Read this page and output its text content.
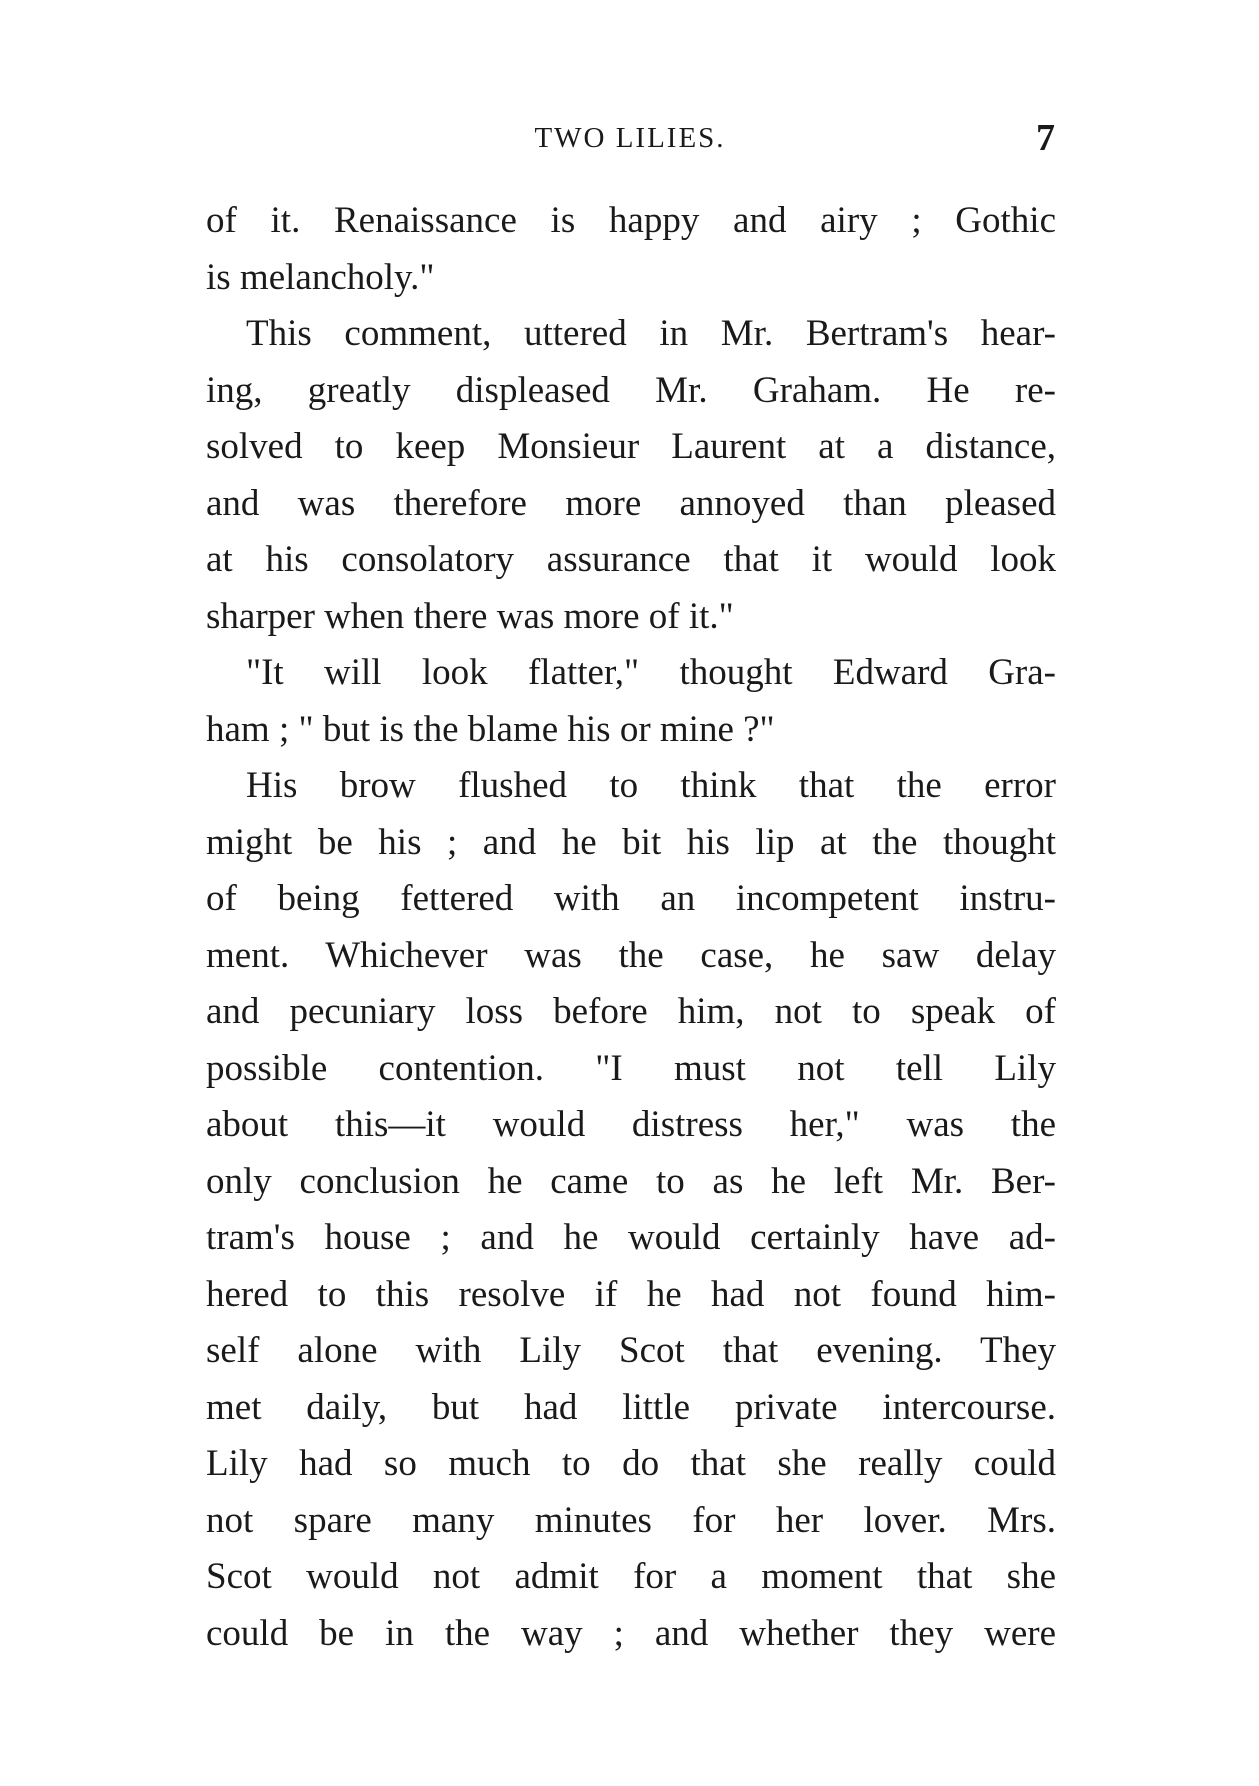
TWO LILIES.	7
of it. Renaissance is happy and airy ; Gothic
is melancholy."
This comment, uttered in Mr. Bertram's hear-
ing, greatly displeased Mr. Graham. He re-
solved to keep Monsieur Laurent at a distance,
and was therefore more annoyed than pleased
at his consolatory assurance that it would look
sharper when there was more of it."
"It will look flatter," thought Edward Gra-
ham ; " but is the blame his or mine ?"
His brow flushed to think that the error
might be his ; and he bit his lip at the thought
of being fettered with an incompetent instru-
ment. Whichever was the case, he saw delay
and pecuniary loss before him, not to speak of
possible contention. "I must not tell Lily
about this—it would distress her," was the
only conclusion he came to as he left Mr. Ber-
tram's house ; and he would certainly have ad-
hered to this resolve if he had not found him-
self alone with Lily Scot that evening. They
met daily, but had little private intercourse.
Lily had so much to do that she really could
not spare many minutes for her lover. Mrs.
Scot would not admit for a moment that she
could be in the way ; and whether they were
